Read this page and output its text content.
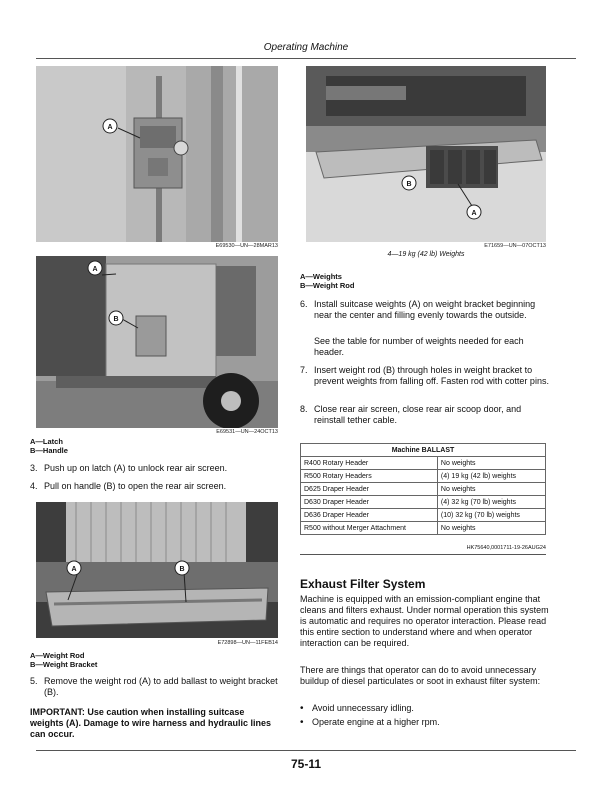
Operating Machine
A
E69530—UN—28MAR13
B
A
E71659—UN—07OCT13
4—19 kg (42 lb) Weights
A
B
E69531—UN—24OCT13
A—Weights
B—Weight Rod
A—Latch
B—Handle
3. Push up on latch (A) to unlock rear air screen.
4. Pull on handle (B) to open the rear air screen.
A	B
E72898—UN—11FEB14
A—Weight Rod
B—Weight Bracket
5. Remove the weight rod (A) to add ballast to weight bracket (B).
IMPORTANT: Use caution when installing suitcase weights (A). Damage to wire harness and hydraulic lines can occur.
6. Install suitcase weights (A) on weight bracket beginning near the center and filling evenly towards the outside.
See the table for number of weights needed for each header.
7. Insert weight rod (B) through holes in weight bracket to prevent weights from falling off. Fasten rod with cotter pins.
8. Close rear air screen, close rear air scoop door, and reinstall tether cable.
Machine BALLAST	
R400 Rotary Header	No weights
R500 Rotary Headers	(4) 19 kg (42 lb) weights
D625 Draper Header	No weights
D630 Draper Header	(4) 32 kg (70 lb) weights
D636 Draper Header	(10) 32 kg (70 lb) weights
R500 without Merger Attachment	No weights
HK75640,0001711-19-26AUG24
Exhaust Filter System
Machine is equipped with an emission-compliant engine that cleans and filters exhaust. Under normal operation this system is automatic and requires no operator interaction. Please read this entire section to understand where and when operator interaction can be required.
There are things that operator can do to avoid unnecessary buildup of diesel particulates or soot in exhaust filter system:
• Avoid unnecessary idling.
• Operate engine at a higher rpm.
75-11
